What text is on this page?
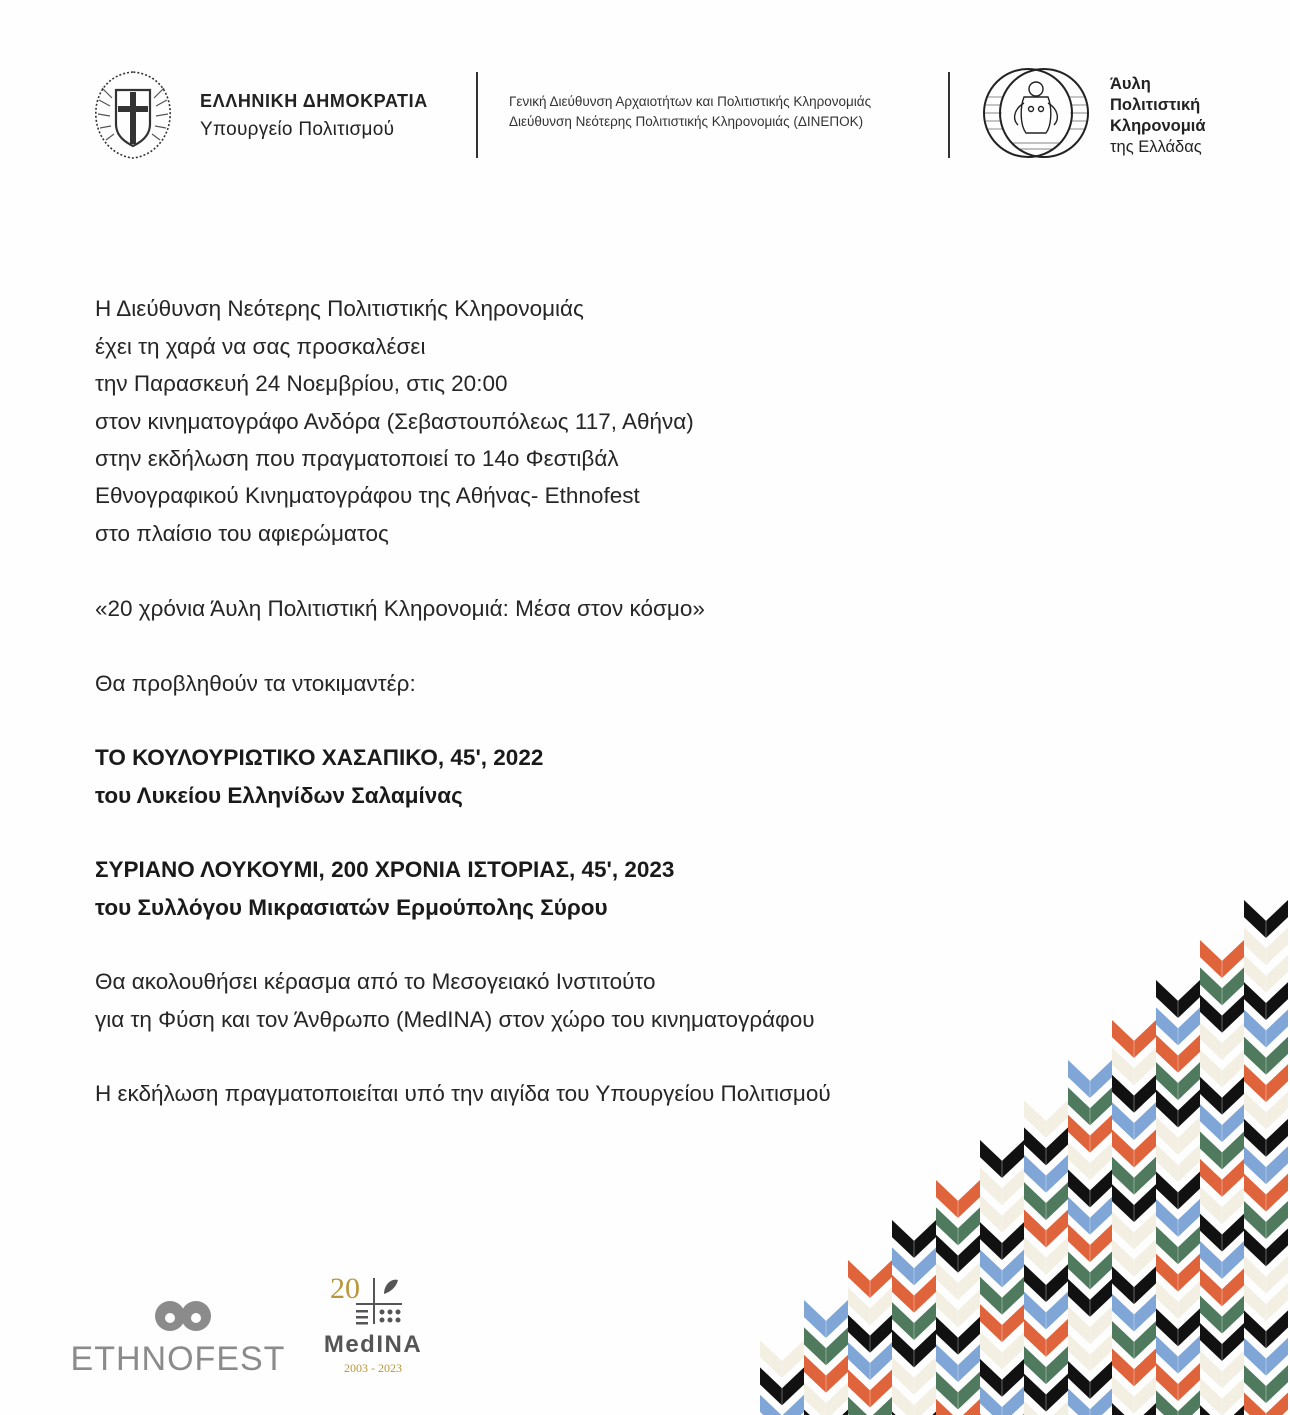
ΕΛΛΗΝΙΚΗ ΔΗΜΟΚΡΑΤΙΑ
Υπουργείο Πολιτισμού
Γενική Διεύθυνση Αρχαιοτήτων και Πολιτιστικής Κληρονομιάς
Διεύθυνση Νεότερης Πολιτιστικής Κληρονομιάς (ΔΙΝΕΠΟΚ)
Άυλη
Πολιτιστική
Κληρονομιά
της Ελλάδας
Η Διεύθυνση Νεότερης Πολιτιστικής Κληρονομιάς
έχει τη χαρά να σας προσκαλέσει
την Παρασκευή 24 Νοεμβρίου, στις 20:00
στον κινηματογράφο Ανδόρα (Σεβαστουπόλεως 117, Αθήνα)
στην εκδήλωση που πραγματοποιεί το 14ο Φεστιβάλ
Εθνογραφικού Κινηματογράφου της Αθήνας- Ethnofest
στο πλαίσιο του αφιερώματος
«20 χρόνια Άυλη Πολιτιστική Κληρονομιά: Μέσα στον κόσμο»
Θα προβληθούν τα ντοκιμαντέρ:
ΤΟ ΚΟΥΛΟΥΡΙΩΤΙΚΟ ΧΑΣΑΠΙΚΟ, 45', 2022
του Λυκείου Ελληνίδων Σαλαμίνας
ΣΥΡΙΑΝΟ ΛΟΥΚΟΥΜΙ, 200 ΧΡΟΝΙΑ ΙΣΤΟΡΙΑΣ, 45', 2023
του Συλλόγου Μικρασιατών Ερμούπολης Σύρου
Θα ακολουθήσει κέρασμα από το Μεσογειακό Ινστιτούτο
για τη Φύση και τον Άνθρωπο (MedINA) στον χώρο του κινηματογράφου
Η εκδήλωση πραγματοποιείται υπό την αιγίδα του Υπουργείου Πολιτισμού
ETHNOFEST
20
MedINA
2003 - 2023
